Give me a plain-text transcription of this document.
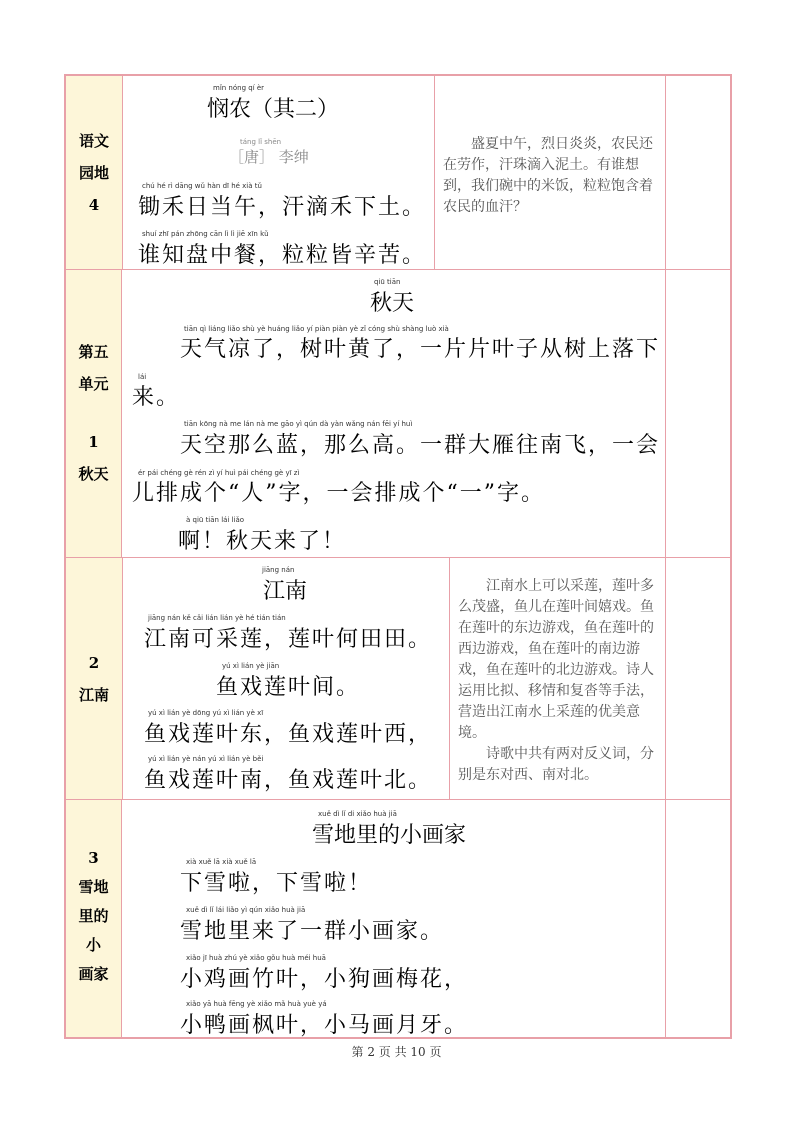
语文
园地
4
mǐn nóng qí èr
悯农（其二）
táng lǐ shēn
［唐］ 李绅
chú hé rì dāng wǔ hàn dī hé xià tǔ
锄禾日当午，汗滴禾下土。
shuí zhī pán zhōng cān lì lì jiē xīn kǔ
谁知盘中餐，粒粒皆辛苦。

盛夏中午，烈日炎炎，农民还在劳作，汗珠滴入泥土。有谁想到，我们碗中的米饭，粒粒饱含着农民的血汗？

第五
单元
1
秋天
qiū tiān
秋天
tiān qì liáng liǎo shù yè huáng liǎo yí piàn piàn yè zǐ cóng shù shàng luò xià
天气凉了，树叶黄了，一片片叶子从树上落下
lái
来。
tiān kōng nà me lán nà me gāo yì qún dà yàn wǎng nán fēi yí huì
天空那么蓝，那么高。一群大雁往南飞，一会
ér pái chéng gè rén zì yí huì pái chéng gè yī zì
儿排成个“人”字，一会排成个“一”字。
à qiū tiān lái liǎo
啊！秋天来了！
2
江南
jiāng nán
江南
jiāng nán kě cǎi lián lián yè hé tián tián
江南可采莲，莲叶何田田。
yú xì lián yè jiān
鱼戏莲叶间。
yú xì lián yè dōng yú xì lián yè xī
鱼戏莲叶东，鱼戏莲叶西，
yú xì lián yè nán yú xì lián yè běi
鱼戏莲叶南，鱼戏莲叶北。

江南水上可以采莲，莲叶多么茂盛，鱼儿在莲叶间嬉戏。鱼在莲叶的东边游戏，鱼在莲叶的西边游戏，鱼在莲叶的南边游戏，鱼在莲叶的北边游戏。诗人运用比拟、移情和复沓等手法，营造出江南水上采莲的优美意境。

诗歌中共有两对反义词，分别是东对西、南对北。

3
雪地
里的
小
画家
xuě dì lǐ di xiǎo huà jiā
雪地里的小画家
xià xuě lā xià xuě lā
下雪啦，下雪啦！
xuě dì lǐ lái liǎo yì qún xiǎo huà jiā
雪地里来了一群小画家。
xiǎo jī huà zhú yè xiǎo gǒu huà méi huā
小鸡画竹叶，小狗画梅花，
xiǎo yā huà fēng yè xiǎo mǎ huà yuè yá
小鸭画枫叶，小马画月牙。
第 2 页 共 10 页
